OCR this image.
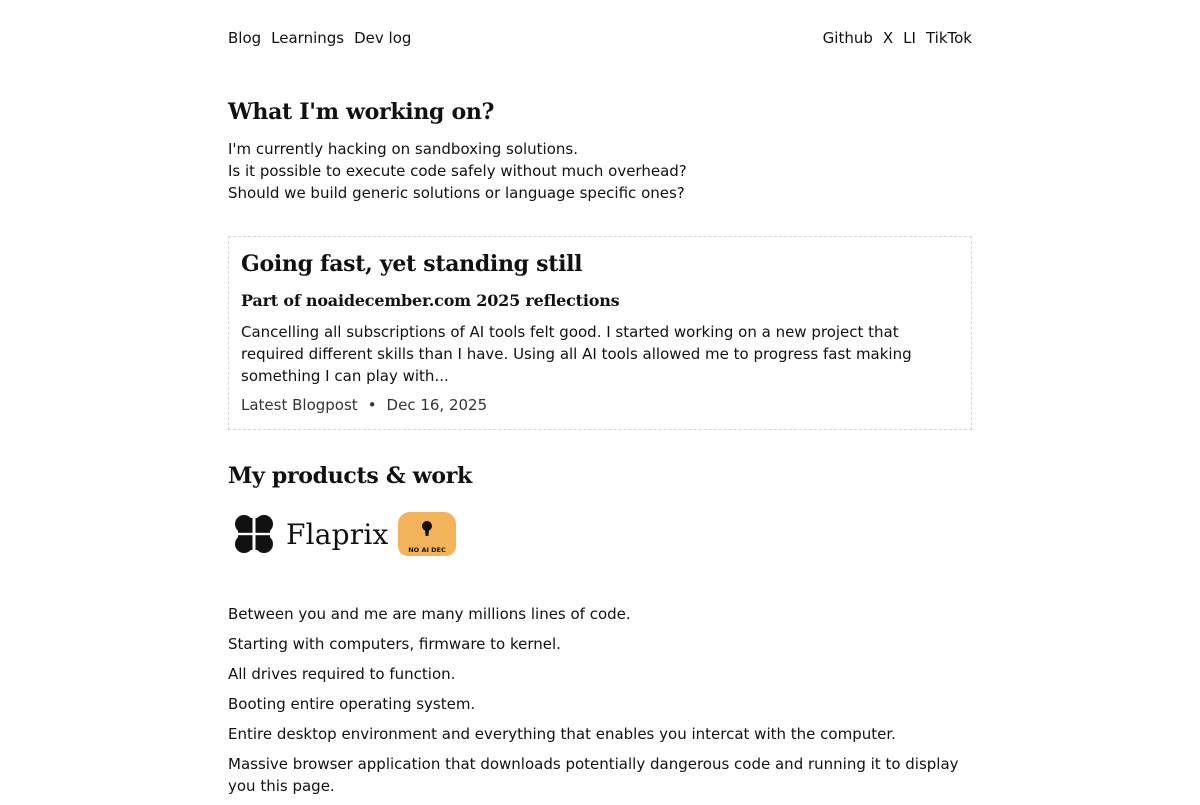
Blog Learnings Dev log	Github X LI TikTok
What I'm working on?
I'm currently hacking on sandboxing solutions.
Is it possible to execute code safely without much overhead?
Should we build generic solutions or language specific ones?
Going fast, yet standing still
Part of noaidecember.com 2025 reflections
Cancelling all subscriptions of AI tools felt good. I started working on a new project that required different skills than I have. Using all AI tools allowed me to progress fast making something I can play with...
Latest Blogpost • Dec 16, 2025
My products & work
Flaprix	NO AI DEC

Between you and me are many millions lines of code.

Starting with computers, firmware to kernel.

All drives required to function.

Booting entire operating system.

Entire desktop environment and everything that enables you intercat with the computer.

Massive browser application that downloads potentially dangerous code and running it to display you this page.
